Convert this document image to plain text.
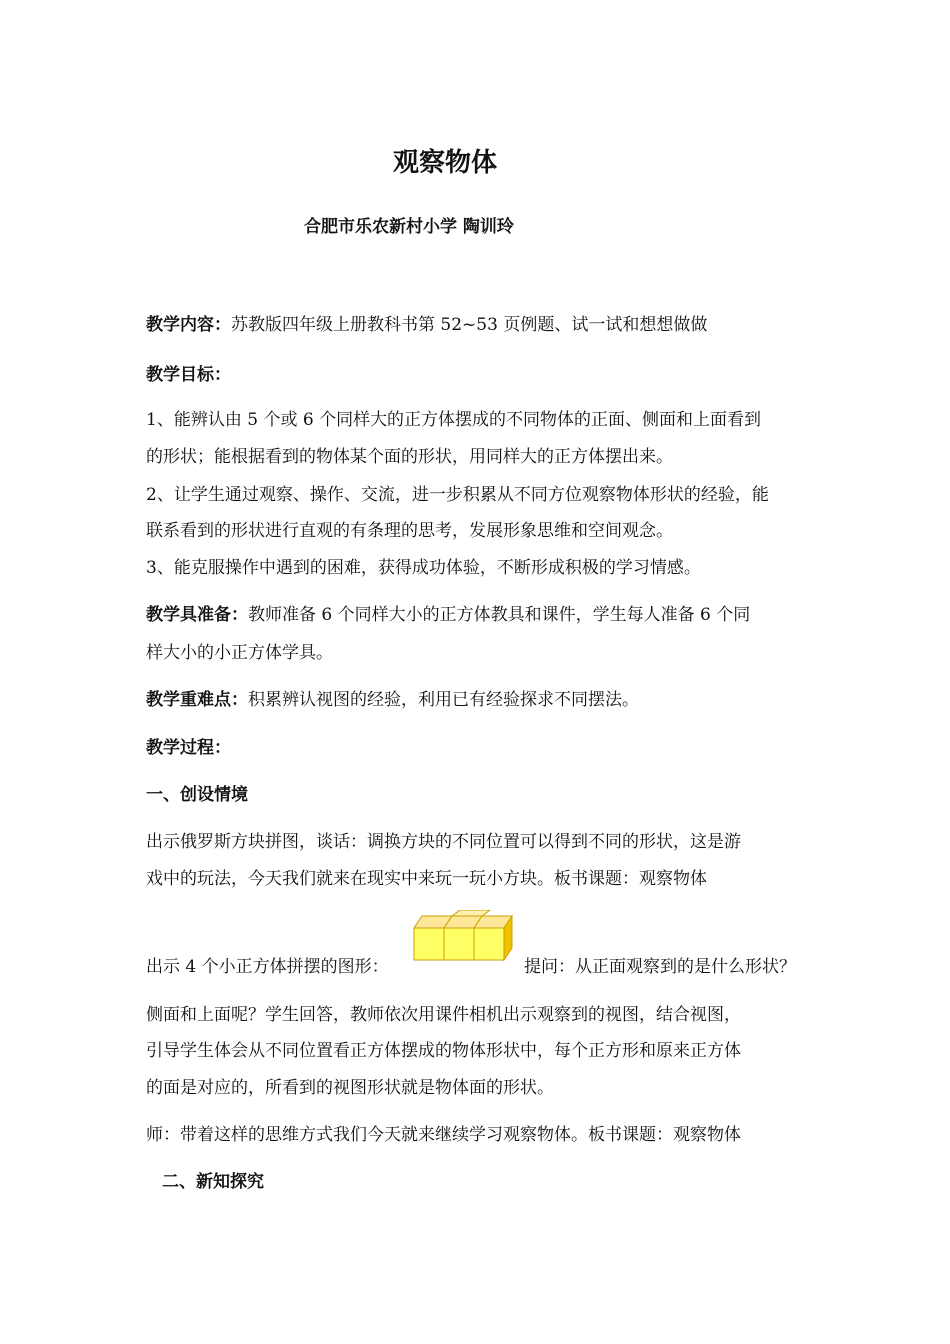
观察物体
合肥市乐农新村小学 陶训玲
教学内容：苏教版四年级上册教科书第 52~53 页例题、试一试和想想做做
教学目标：
1、能辨认由 5 个或 6 个同样大的正方体摆成的不同物体的正面、侧面和上面看到
的形状；能根据看到的物体某个面的形状，用同样大的正方体摆出来。
2、让学生通过观察、操作、交流，进一步积累从不同方位观察物体形状的经验，能
联系看到的形状进行直观的有条理的思考，发展形象思维和空间观念。
3、能克服操作中遇到的困难，获得成功体验，不断形成积极的学习情感。
教学具准备：教师准备 6 个同样大小的正方体教具和课件，学生每人准备 6 个同
样大小的小正方体学具。
教学重难点：积累辨认视图的经验，利用已有经验探求不同摆法。
教学过程：
一、创设情境
出示俄罗斯方块拼图，谈话：调换方块的不同位置可以得到不同的形状，这是游
戏中的玩法，今天我们就来在现实中来玩一玩小方块。板书课题：观察物体
出示 4 个小正方体拼摆的图形：	提问：从正面观察到的是什么形状？
侧面和上面呢？学生回答，教师依次用课件相机出示观察到的视图，结合视图，
引导学生体会从不同位置看正方体摆成的物体形状中，每个正方形和原来正方体
的面是对应的，所看到的视图形状就是物体面的形状。
师：带着这样的思维方式我们今天就来继续学习观察物体。板书课题：观察物体
二、新知探究
